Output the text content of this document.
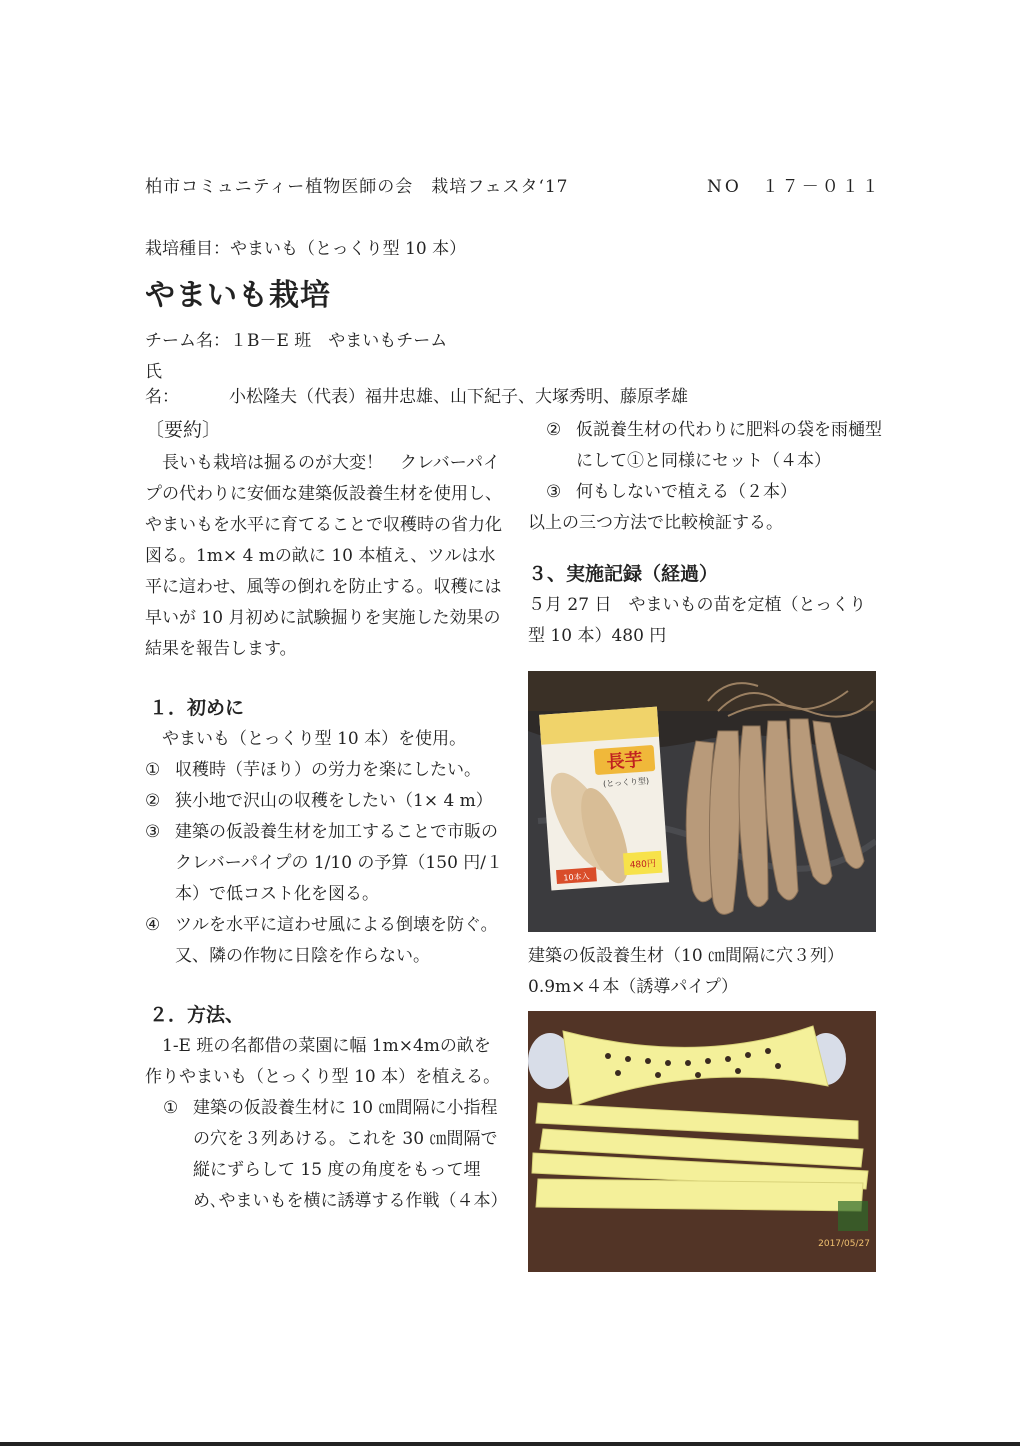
柏市コミュニティー植物医師の会　栽培フェスタ‘17	NO　１７－０１１
栽培種目：やまいも（とっくり型 10 本）
やまいも栽培
チーム名：１B－E 班　やまいもチーム
氏　　名：	小松隆夫（代表）福井忠雄、山下紀子、大塚秀明、藤原孝雄

〔要約〕

長いも栽培は掘るのが大変！　クレバーパイプの代わりに安価な建築仮設養生材を使用し、やまいもを水平に育てることで収穫時の省力化図る。1m× 4 mの畝に 10 本植え、ツルは水平に這わせ、風等の倒れを防止する。収穫には早いが 10 月初めに試験掘りを実施した効果の結果を報告します。

１．初めに

やまいも（とっくり型 10 本）を使用。

① 収穫時（芋ほり）の労力を楽にしたい。
② 狭小地で沢山の収穫をしたい（1× 4 m）
③ 建築の仮設養生材を加工することで市販のクレバーパイプの 1/10 の予算（150 円/１本）で低コスト化を図る。
④ ツルを水平に這わせ風による倒壊を防ぐ。又、隣の作物に日陰を作らない。

２．方法、

1‐E 班の名都借の菜園に幅 1m×4mの畝を作りやまいも（とっくり型 10 本）を植える。

① 建築の仮設養生材に 10 ㎝間隔に小指程の穴を３列あける。これを 30 ㎝間隔で縦にずらして 15 度の角度をもって埋め､やまいもを横に誘導する作戦（４本）
② 仮説養生材の代わりに肥料の袋を雨樋型にして①と同様にセット（４本）
③ 何もしないで植える（２本）

以上の三つ方法で比較検証する。

３、実施記録（経過）

５月 27 日　やまいもの苗を定植（とっくり型 10 本）480 円

長芋
(とっくり型)
10本入
480円
建築の仮設養生材（10 ㎝間隔に穴３列）0.9m×４本（誘導パイプ）
2017/05/27
